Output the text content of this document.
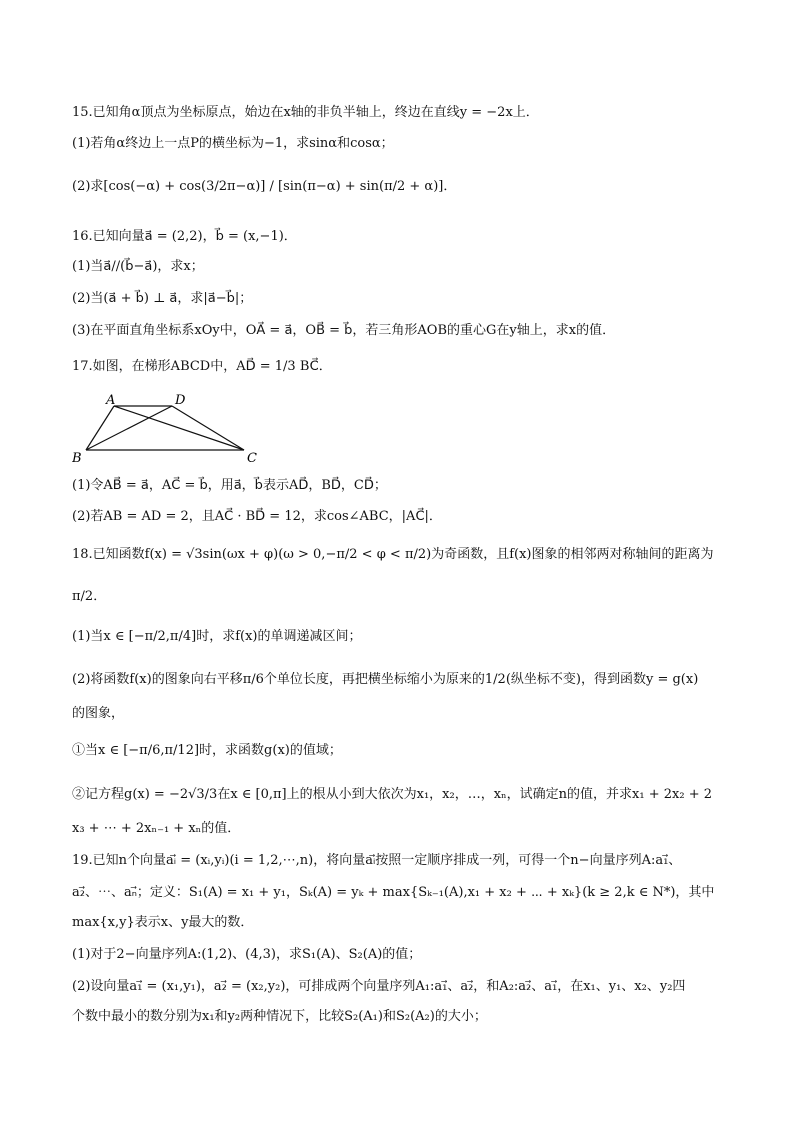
15.已知角α顶点为坐标原点，始边在x轴的非负半轴上，终边在直线y = −2x上．
(1)若角α终边上一点P的横坐标为−1，求sinα和cosα；
(2)求[cos(−α) + cos(3/2π−α)] / [sin(π−α) + sin(π/2 + α)]．
16.已知向量a⃗ = (2,2)，b⃗ = (x,−1)．
(1)当a⃗//(b⃗−a⃗)，求x；
(2)当(a⃗ + b⃗) ⊥ a⃗，求|a⃗−b⃗|；
(3)在平面直角坐标系xOy中，OA⃗ = a⃗，OB⃗ = b⃗，若三角形AOB的重心G在y轴上，求x的值．
17.如图，在梯形ABCD中，AD⃗ = 1/3 BC⃗．
A	D
B	C
(1)令AB⃗ = a⃗，AC⃗ = b⃗，用a⃗，b⃗表示AD⃗，BD⃗，CD⃗；
(2)若AB = AD = 2，且AC⃗ · BD⃗ = 12，求cos∠ABC，|AC⃗|．
18.已知函数f(x) = √3sin(ωx + φ)(ω > 0,−π/2 < φ < π/2)为奇函数，且f(x)图象的相邻两对称轴间的距离为
π/2．
(1)当x ∈ [−π/2,π/4]时，求f(x)的单调递减区间；
(2)将函数f(x)的图象向右平移π/6个单位长度，再把横坐标缩小为原来的1/2(纵坐标不变)，得到函数y = g(x)
的图象，
①当x ∈ [−π/6,π/12]时，求函数g(x)的值域；
②记方程g(x) = −2√3/3在x ∈ [0,π]上的根从小到大依次为x₁，x₂，…，xₙ，试确定n的值，并求x₁ + 2x₂ + 2
x₃ + ⋯ + 2xₙ₋₁ + xₙ的值．
19.已知n个向量aᵢ⃗ = (xᵢ,yᵢ)(i = 1,2,⋯,n)，将向量aᵢ⃗按照一定顺序排成一列，可得一个n−向量序列A:a₁⃗、
a₂⃗、⋯、aₙ⃗；定义：S₁(A) = x₁ + y₁，Sₖ(A) = yₖ + max{Sₖ₋₁(A),x₁ + x₂ + ⋯ + xₖ}(k ≥ 2,k ∈ N*)，其中
max{x,y}表示x、y最大的数．
(1)对于2−向量序列A:(1,2)、(4,3)，求S₁(A)、S₂(A)的值；
(2)设向量a₁⃗ = (x₁,y₁)，a₂⃗ = (x₂,y₂)，可排成两个向量序列A₁:a₁⃗、a₂⃗，和A₂:a₂⃗、a₁⃗，在x₁、y₁、x₂、y₂四
个数中最小的数分别为x₁和y₂两种情况下，比较S₂(A₁)和S₂(A₂)的大小；
